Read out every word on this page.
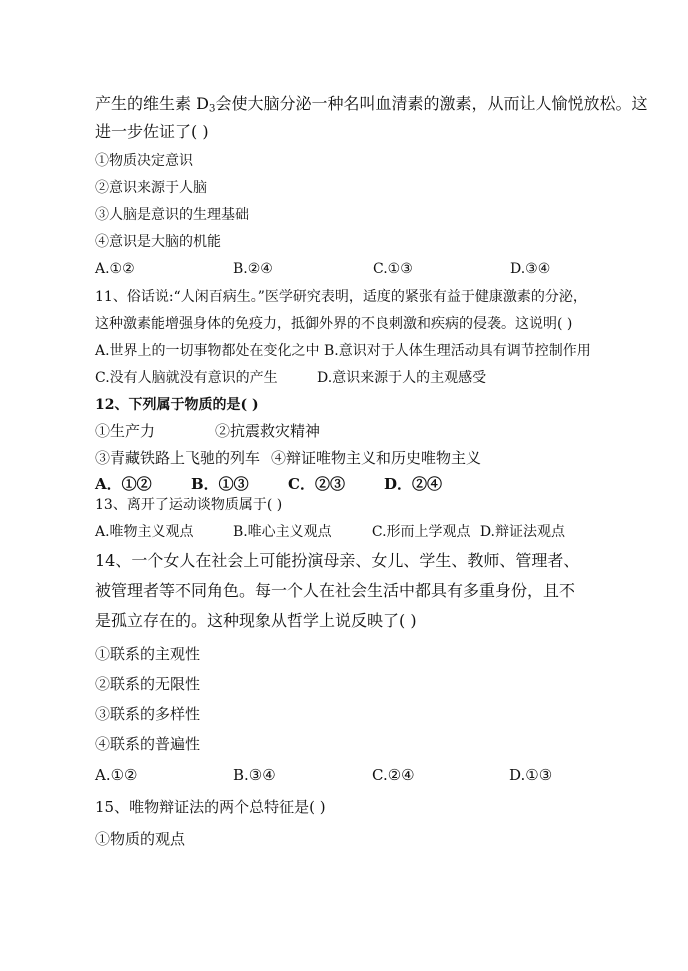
产生的维生素 $D_3$会使大脑分泌一种名叫血清素的激素，从而让人愉悦放松。这
进一步佐证了( )
①物质决定意识
②意识来源于人脑
③人脑是意识的生理基础
④意识是大脑的机能
A.①②	B.②④	C.①③	D.③④
11、俗话说:“人闲百病生。”医学研究表明，适度的紧张有益于健康激素的分泌，
这种激素能增强身体的免疫力，抵御外界的不良刺激和疾病的侵袭。这说明( )
A.世界上的一切事物都处在变化之中 B.意识对于人体生理活动具有调节控制作用
C.没有人脑就没有意识的产生	D.意识来源于人的主观感受
12、下列属于物质的是( )
①生产力	②抗震救灾精神
③青藏铁路上飞驰的列车 ④辩证唯物主义和历史唯物主义
A．①②	B．①③	C．②③	D．②④
13、离开了运动谈物质属于( )
A.唯物主义观点	B.唯心主义观点	C.形而上学观点 D.辩证法观点
14、一个女人在社会上可能扮演母亲、女儿、学生、教师、管理者、
被管理者等不同角色。每一个人在社会生活中都具有多重身份，且不
是孤立存在的。这种现象从哲学上说反映了( )
①联系的主观性
②联系的无限性
③联系的多样性
④联系的普遍性
A.①②	B.③④	C.②④	D.①③
15、唯物辩证法的两个总特征是( )
①物质的观点
